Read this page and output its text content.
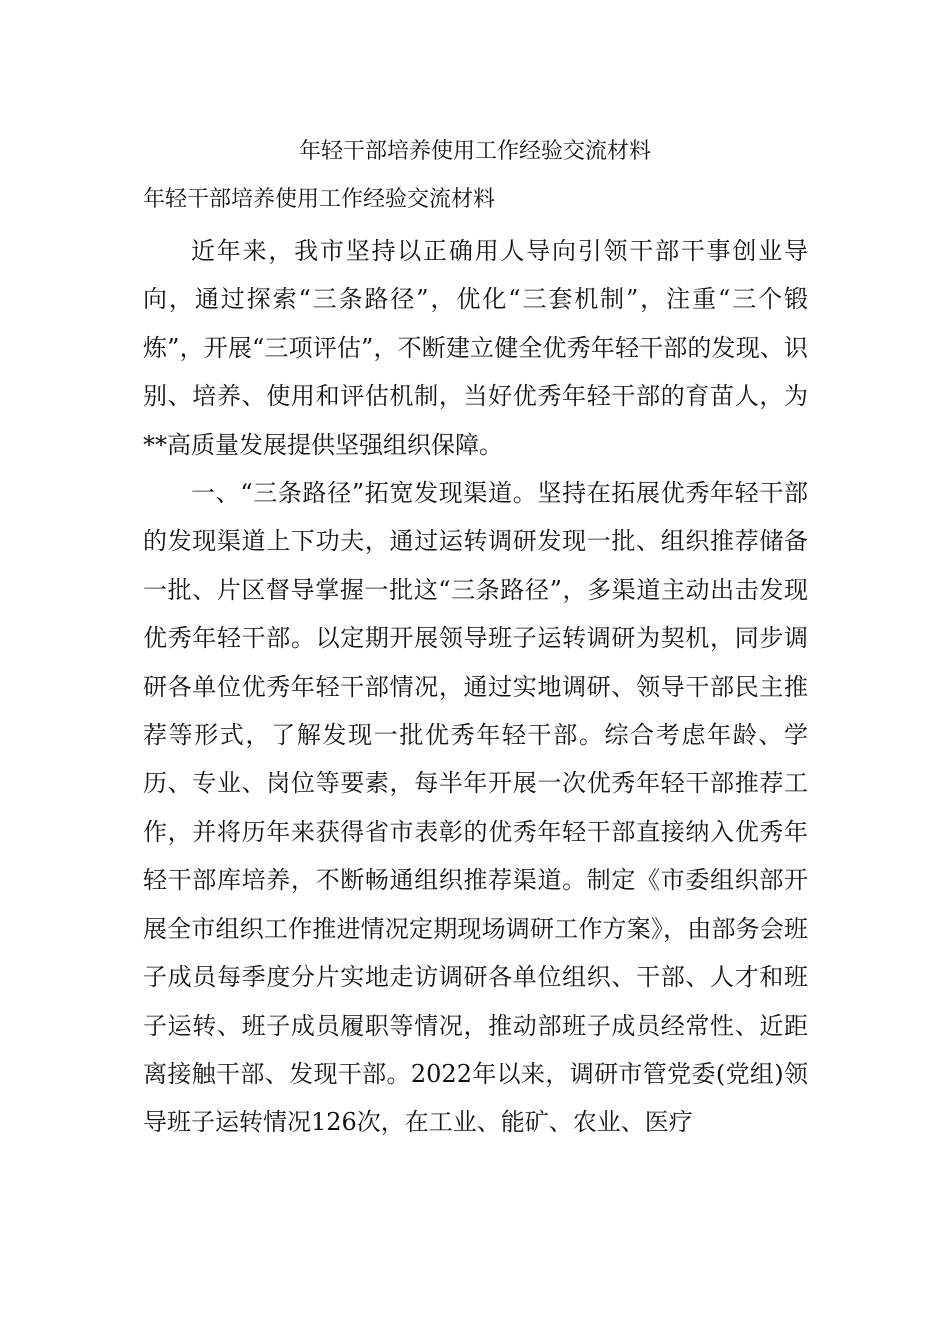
年轻干部培养使用工作经验交流材料
年轻干部培养使用工作经验交流材料

近年来，我市坚持以正确用人导向引领干部干事创业导向，通过探索“三条路径”，优化“三套机制”，注重“三个锻炼”，开展“三项评估”，不断建立健全优秀年轻干部的发现、识别、培养、使用和评估机制，当好优秀年轻干部的育苗人，为**高质量发展提供坚强组织保障。

一、“三条路径”拓宽发现渠道。坚持在拓展优秀年轻干部的发现渠道上下功夫，通过运转调研发现一批、组织推荐储备一批、片区督导掌握一批这“三条路径”，多渠道主动出击发现优秀年轻干部。以定期开展领导班子运转调研为契机，同步调研各单位优秀年轻干部情况，通过实地调研、领导干部民主推荐等形式，了解发现一批优秀年轻干部。综合考虑年龄、学历、专业、岗位等要素，每半年开展一次优秀年轻干部推荐工作，并将历年来获得省市表彰的优秀年轻干部直接纳入优秀年轻干部库培养，不断畅通组织推荐渠道。制定《市委组织部开展全市组织工作推进情况定期现场调研工作方案》，由部务会班子成员每季度分片实地走访调研各单位组织、干部、人才和班子运转、班子成员履职等情况，推动部班子成员经常性、近距离接触干部、发现干部。2022年以来，调研市管党委(党组)领导班子运转情况126次，在工业、能矿、农业、医疗
